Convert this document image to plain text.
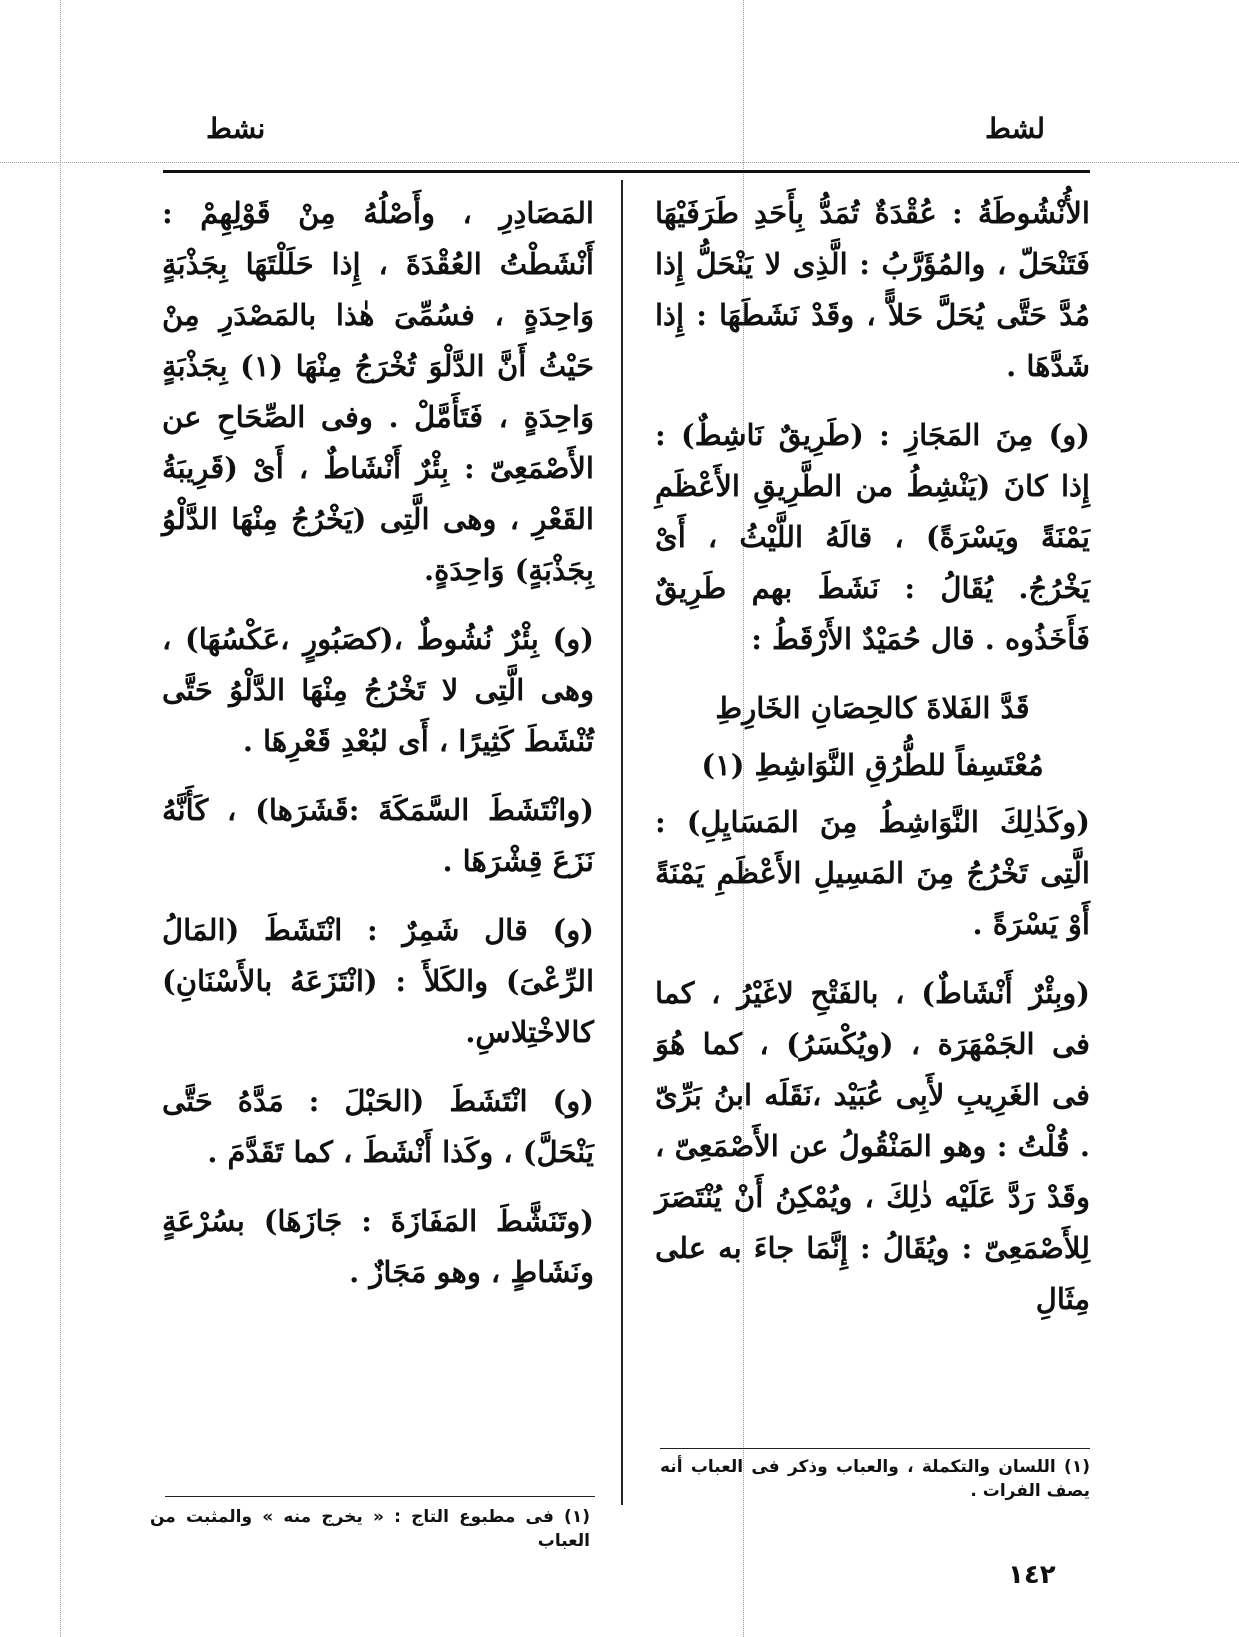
لشط
نشط

الأُنْشُوطَةُ : عُقْدَةٌ تُمَدُّ بِأَحَدِ طَرَفَيْهَا فَتَنْحَلّ ، والمُؤَرَّبُ : الَّذِى لا يَنْحَلُّ إِذا مُدَّ حَتَّى يُحَلَّ حَلاًّ ، وقَدْ نَشَطَهَا : إِذا شَدَّهَا .

(و) مِنَ المَجَازِ : (طَرِيقٌ نَاشِطٌ) : إِذا كانَ (يَنْشِطُ من الطَّرِيقِ الأَعْظَمِ يَمْنَةً ويَسْرَةً) ، قالَهُ اللَّيْثُ ، أَىْ يَخْرُجُ. يُقَالُ : نَشَطَ بهم طَرِيقٌ فَأَخَذُوه . قال حُمَيْدٌ الأَرْقَطُ :

قَدَّ الفَلاةَ كالحِصَانِ الخَارِطِ

مُعْتَسِفاً للطُّرُقِ النَّوَاشِطِ (١)

(وكَذٰلِكَ النَّوَاشِطُ مِنَ المَسَايِلِ) : الَّتِى تَخْرُجُ مِنَ المَسِيلِ الأَعْظَمِ يَمْنَةً أَوْ يَسْرَةً .

(وبِئْرٌ أَنْشَاطٌ) ، بالفَتْحِ لاغَيْرُ ، كما فى الجَمْهَرَة ، (ويُكْسَرُ) ، كما هُوَ فى الغَرِيبِ لأَبِى عُبَيْد ،نَقَلَه ابنُ بَرِّىّ . قُلْتُ : وهو المَنْقُولُ عن الأَصْمَعِىّ ، وقَدْ رَدَّ عَلَيْه ذٰلِكَ ، ويُمْكِنُ أَنْ يُنْتَصَرَ لِلأَصْمَعِىّ : ويُقَالُ : إِنَّمَا جاءَ به على مِثَالِ

(١) اللسان والتكملة ، والعباب وذكر فى العباب أنه يصف الفرات .

المَصَادِرِ ، وأَصْلُهُ مِنْ قَوْلِهِمْ : أَنْشَطْتُ العُقْدَةَ ، إِذا حَلَلْتَهَا بِجَذْبَةٍ وَاحِدَةٍ ، فسُمِّىَ هٰذا بالمَصْدَرِ مِنْ حَيْثُ أَنَّ الدَّلْوَ تُخْرَجُ مِنْهَا (١) بِجَذْبَةٍ وَاحِدَةٍ ، فَتَأَمَّلْ . وفى الصِّحَاحِ عن الأَصْمَعِىّ : بِئْرٌ أَنْشَاطٌ ، أَىْ (قَرِيبَةُ القَعْرِ ، وهى الَّتِى (يَخْرُجُ مِنْهَا الدَّلْوُ بِجَذْبَةٍ) وَاحِدَةٍ.

(و) بِئْرٌ نُشُوطٌ ،(كصَبُورٍ ،عَكْسُهَا) ، وهى الَّتِى لا تَخْرُجُ مِنْهَا الدَّلْوُ حَتَّى تُنْشَطَ كَثِيرًا ، أَى لبُعْدِ قَعْرِهَا .

(وانْتَشَطَ السَّمَكَةَ :قَشَرَها) ، كَأَنَّهُ نَزَعَ قِشْرَهَا .

(و) قال شَمِرٌ : انْتَشَطَ (المَالُ الرِّعْىَ) والكَلأَ : (انْتَزَعَهُ بالأَسْنَانِ) كالاخْتِلاسِ.

(و) انْتَشَطَ (الحَبْلَ : مَدَّهُ حَتَّى يَنْحَلَّ) ، وكَذا أَنْشَطَ ، كما تَقَدَّمَ .

(وتَنَشَّطَ المَفَازَةَ : جَازَهَا) بسُرْعَةٍ ونَشَاطٍ ، وهو مَجَازٌ .

(١) فى مطبوع التاج : « يخرج منه » والمثبت من العباب
١٤٢
